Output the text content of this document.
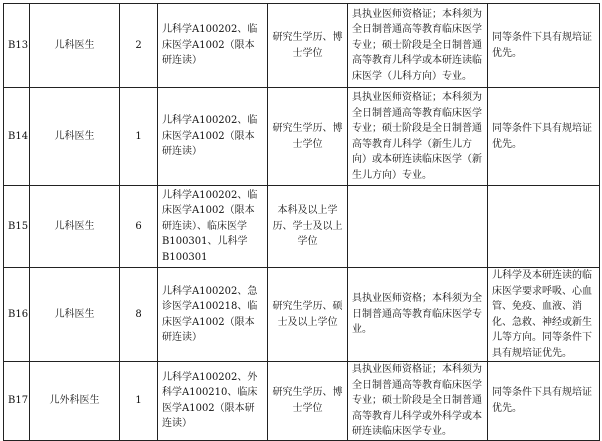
B13	儿科医生	2	儿科学A100202、临床医学A1002（限本研连读）	研究生学历、博士学位	具执业医师资格证；本科须为全日制普通高等教育临床医学专业；硕士阶段是全日制普通高等教育儿科学或本研连读临床医学（儿科方向）专业。	同等条件下具有规培证优先。
B14	儿科医生	1	儿科学A100202、临床医学A1002（限本研连读）	研究生学历、博士学位	具执业医师资格证；本科须为全日制普通高等教育临床医学专业；硕士阶段是全日制普通高等教育儿科学（新生儿方向）或本研连读临床医学（新生儿方向）专业。	同等条件下具有规培证优先。
B15	儿科医生	6	儿科学A100202、临床医学A1002（限本研连读）、临床医学B100301、儿科学B100301	本科及以上学历、学士及以上学位		
B16	儿科医生	8	儿科学A100202、急诊医学A100218、临床医学A1002（限本研连读）	研究生学历、硕士及以上学位	具执业医师资格；本科须为全日制普通高等教育临床医学专业。	儿科学及本研连读的临床医学要求呼吸、心血管、免疫、血液、消化、急救、神经或新生儿等方向。同等条件下具有规培证优先。
B17	儿外科医生	1	儿科学A100202、外科学A100210、临床医学A1002（限本研连读）	研究生学历、博士学位	具执业医师资格证；本科须为全日制普通高等教育临床医学专业；硕士阶段是全日制普通高等教育儿科学或外科学或本研连读临床医学专业。	同等条件下具有规培证优先。
